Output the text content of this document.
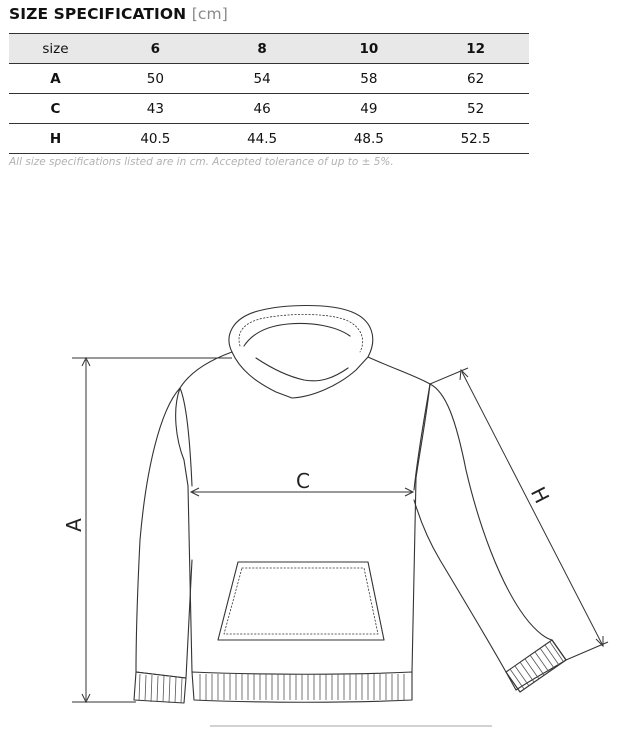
SIZE SPECIFICATION [cm]
size	6	8	10	12
A	50	54	58	62
C	43	46	49	52
H	40.5	44.5	48.5	52.5
All size specifications listed are in cm. Accepted tolerance of up to ± 5%.
A
C
H
